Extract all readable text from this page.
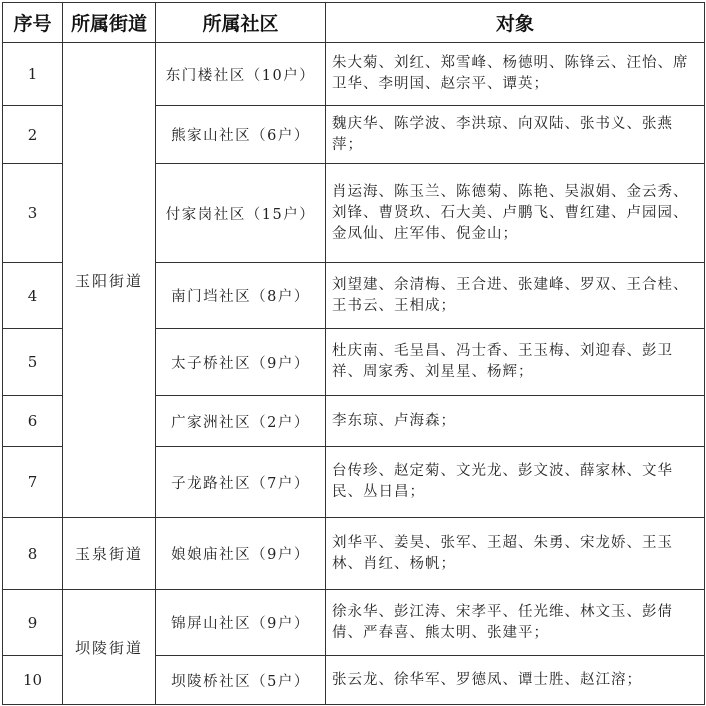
序号	所属街道	所属社区	对象
1	玉阳街道	东门楼社区（10户）	朱大菊、刘红、郑雪峰、杨德明、陈锋云、汪怡、席卫华、李明国、赵宗平、谭英；
2		熊家山社区（6户）	魏庆华、陈学波、李洪琼、向双陆、张书义、张燕萍；
3		付家岗社区（15户）	肖运海、陈玉兰、陈德菊、陈艳、吴淑娟、金云秀、刘锋、曹贤玖、石大美、卢鹏飞、曹红建、卢园园、金凤仙、庄军伟、倪金山；
4		南门垱社区（8户）	刘望建、余清梅、王合进、张建峰、罗双、王合桂、王书云、王相成；
5		太子桥社区（9户）	杜庆南、毛呈昌、冯士香、王玉梅、刘迎春、彭卫祥、周家秀、刘星星、杨辉；
6		广家洲社区（2户）	李东琼、卢海森；
7		子龙路社区（7户）	台传珍、赵定菊、文光龙、彭文波、薛家林、文华民、丛日昌；
8	玉泉街道	娘娘庙社区（9户）	刘华平、姜昊、张军、王超、朱勇、宋龙娇、王玉林、肖红、杨帆；
9	坝陵街道	锦屏山社区（9户）	徐永华、彭江涛、宋孝平、任光维、林文玉、彭倩倩、严春喜、熊太明、张建平；
10		坝陵桥社区（5户）	张云龙、徐华军、罗德凤、谭士胜、赵江溶；
